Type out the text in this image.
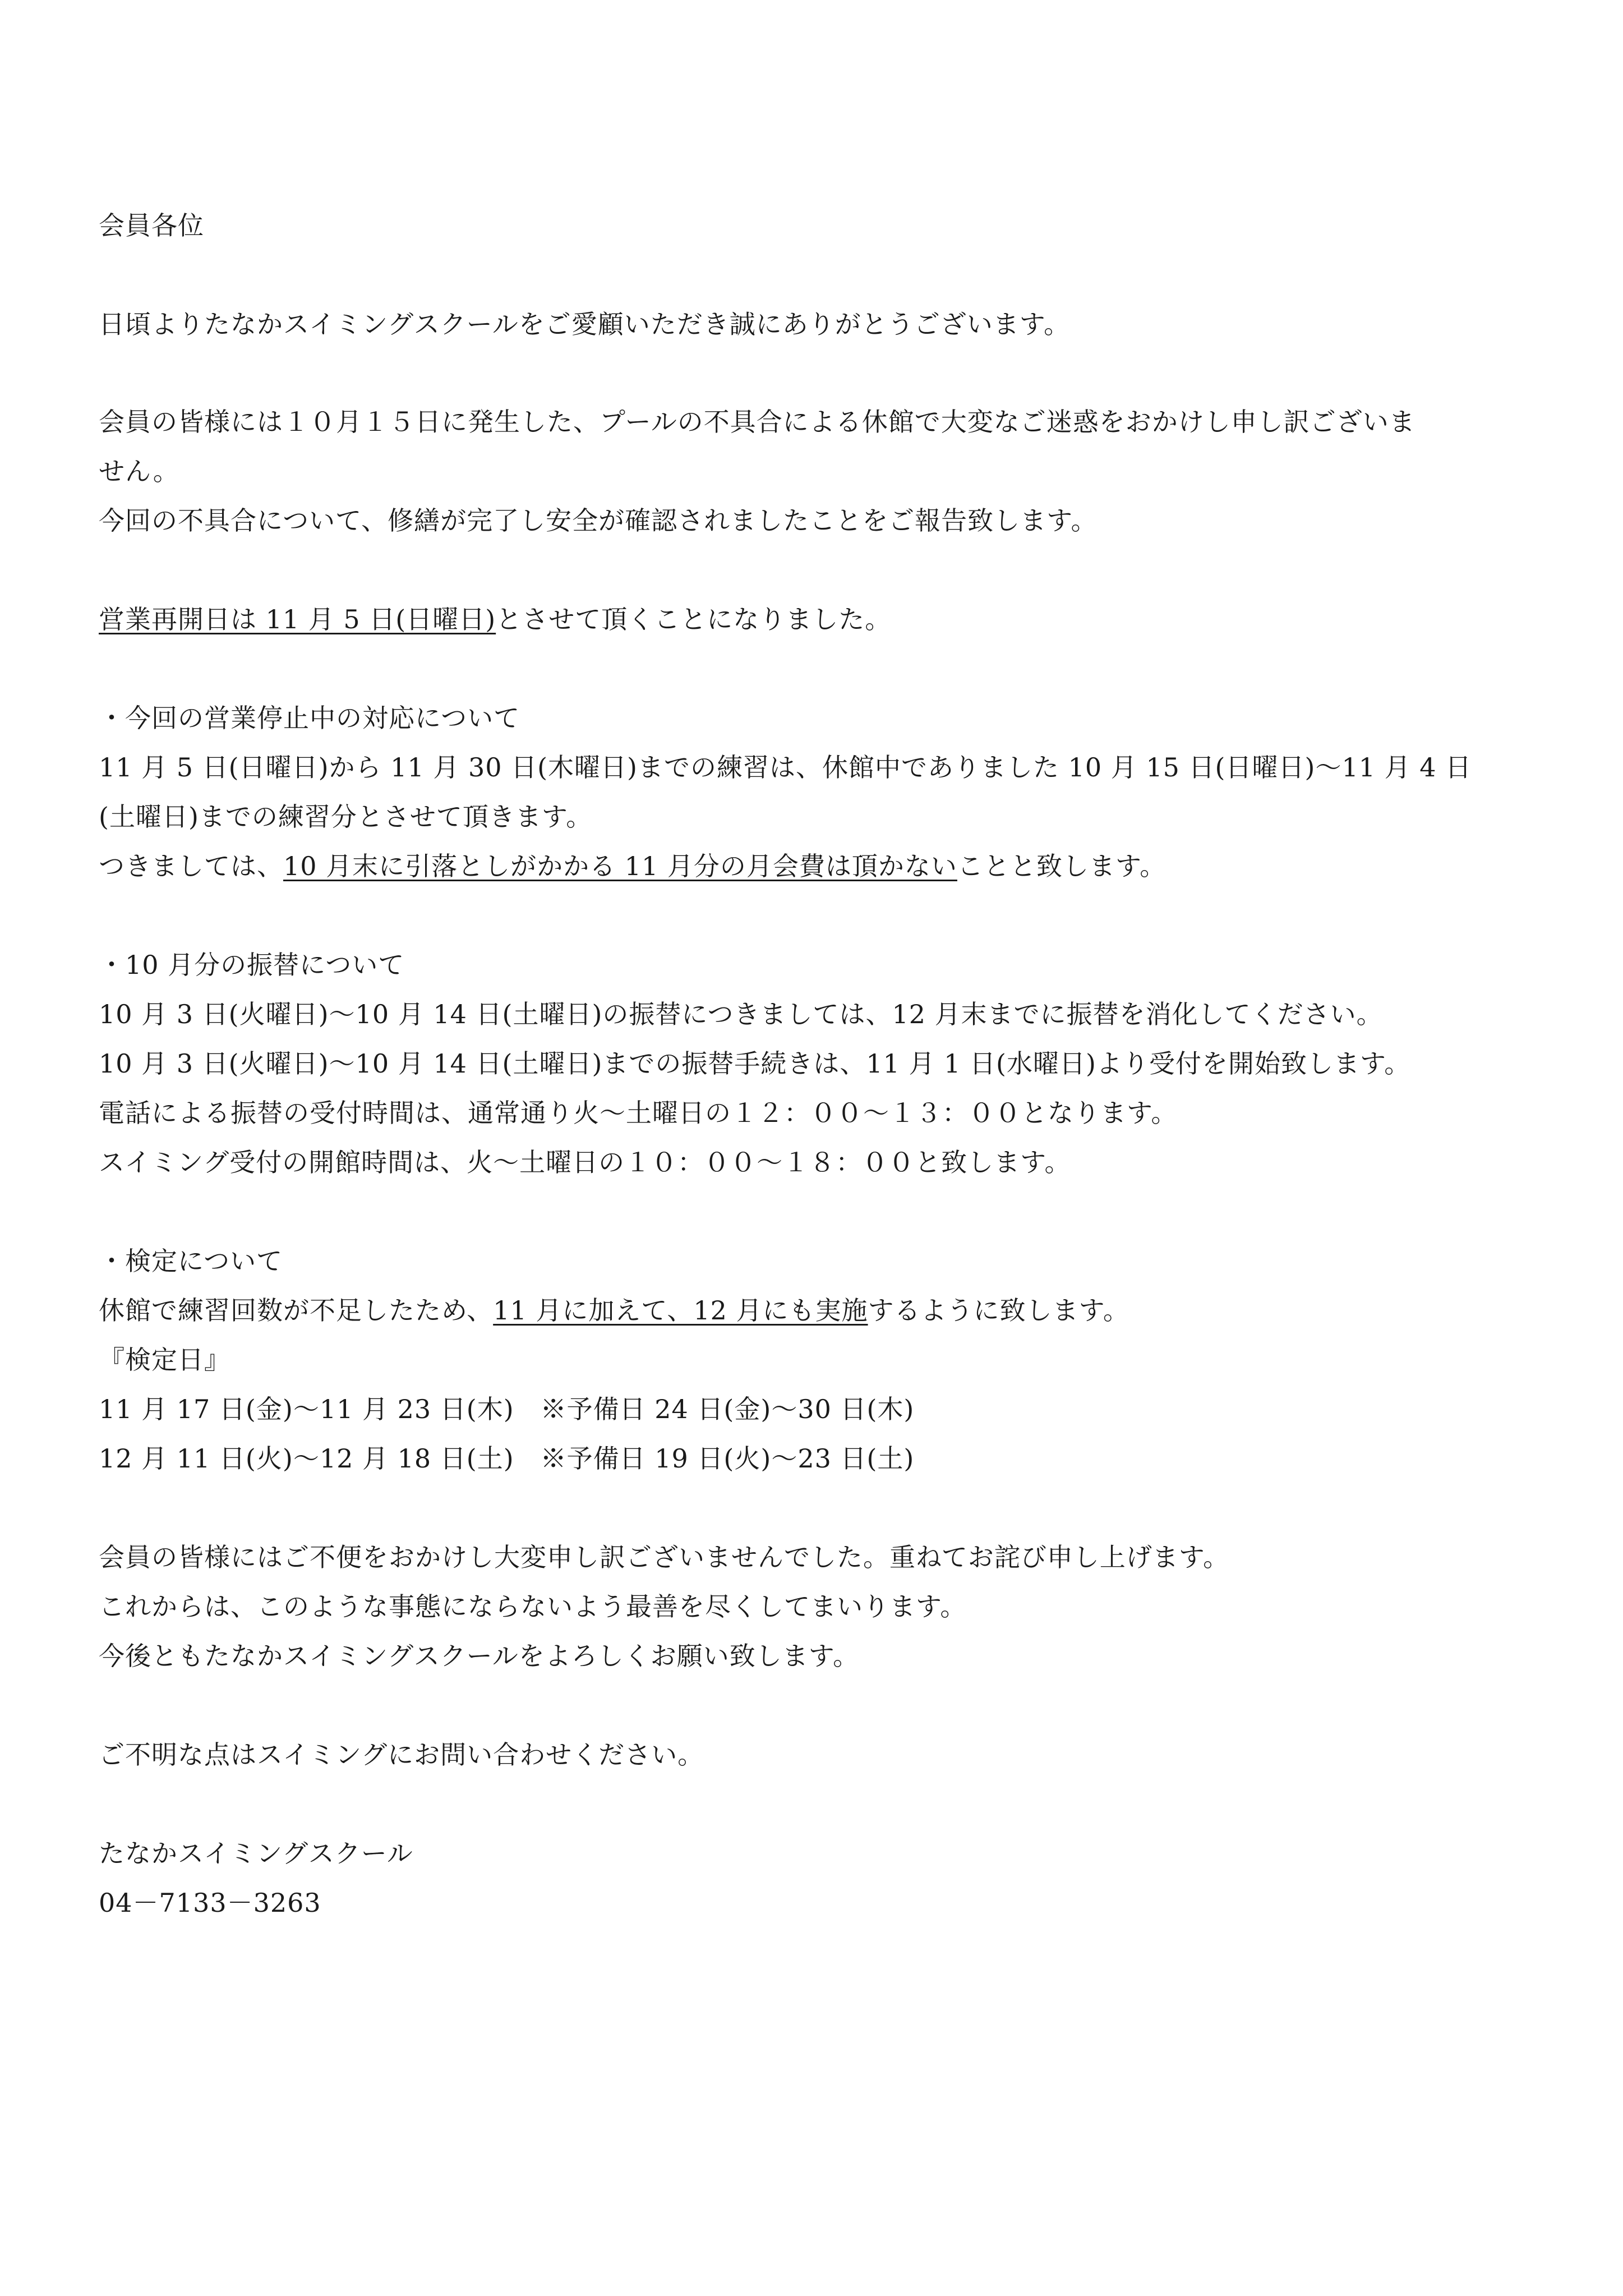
会員各位
日頃よりたなかスイミングスクールをご愛顧いただき誠にありがとうございます。
会員の皆様には１０月１５日に発生した、プールの不具合による休館で大変なご迷惑をおかけし申し訳ございま
せん。
今回の不具合について、修繕が完了し安全が確認されましたことをご報告致します。
営業再開日は 11 月 5 日(日曜日)とさせて頂くことになりました。
・今回の営業停止中の対応について
11 月 5 日(日曜日)から 11 月 30 日(木曜日)までの練習は、休館中でありました 10 月 15 日(日曜日)〜11 月 4 日
(土曜日)までの練習分とさせて頂きます。
つきましては、10 月末に引落としがかかる 11 月分の月会費は頂かないことと致します。
・10 月分の振替について
10 月 3 日(火曜日)〜10 月 14 日(土曜日)の振替につきましては、12 月末までに振替を消化してください。
10 月 3 日(火曜日)〜10 月 14 日(土曜日)までの振替手続きは、11 月 1 日(水曜日)より受付を開始致します。
電話による振替の受付時間は、通常通り火〜土曜日の１２：００〜１３：００となります。
スイミング受付の開館時間は、火〜土曜日の１０：００〜１８：００と致します。
・検定について
休館で練習回数が不足したため、11 月に加えて、12 月にも実施するように致します。
『検定日』
11 月 17 日(金)〜11 月 23 日(木)　※予備日 24 日(金)〜30 日(木)
12 月 11 日(火)〜12 月 18 日(土)　※予備日 19 日(火)〜23 日(土)
会員の皆様にはご不便をおかけし大変申し訳ございませんでした。重ねてお詫び申し上げます。
これからは、このような事態にならないよう最善を尽くしてまいります。
今後ともたなかスイミングスクールをよろしくお願い致します。
ご不明な点はスイミングにお問い合わせください。
たなかスイミングスクール
04－7133－3263
